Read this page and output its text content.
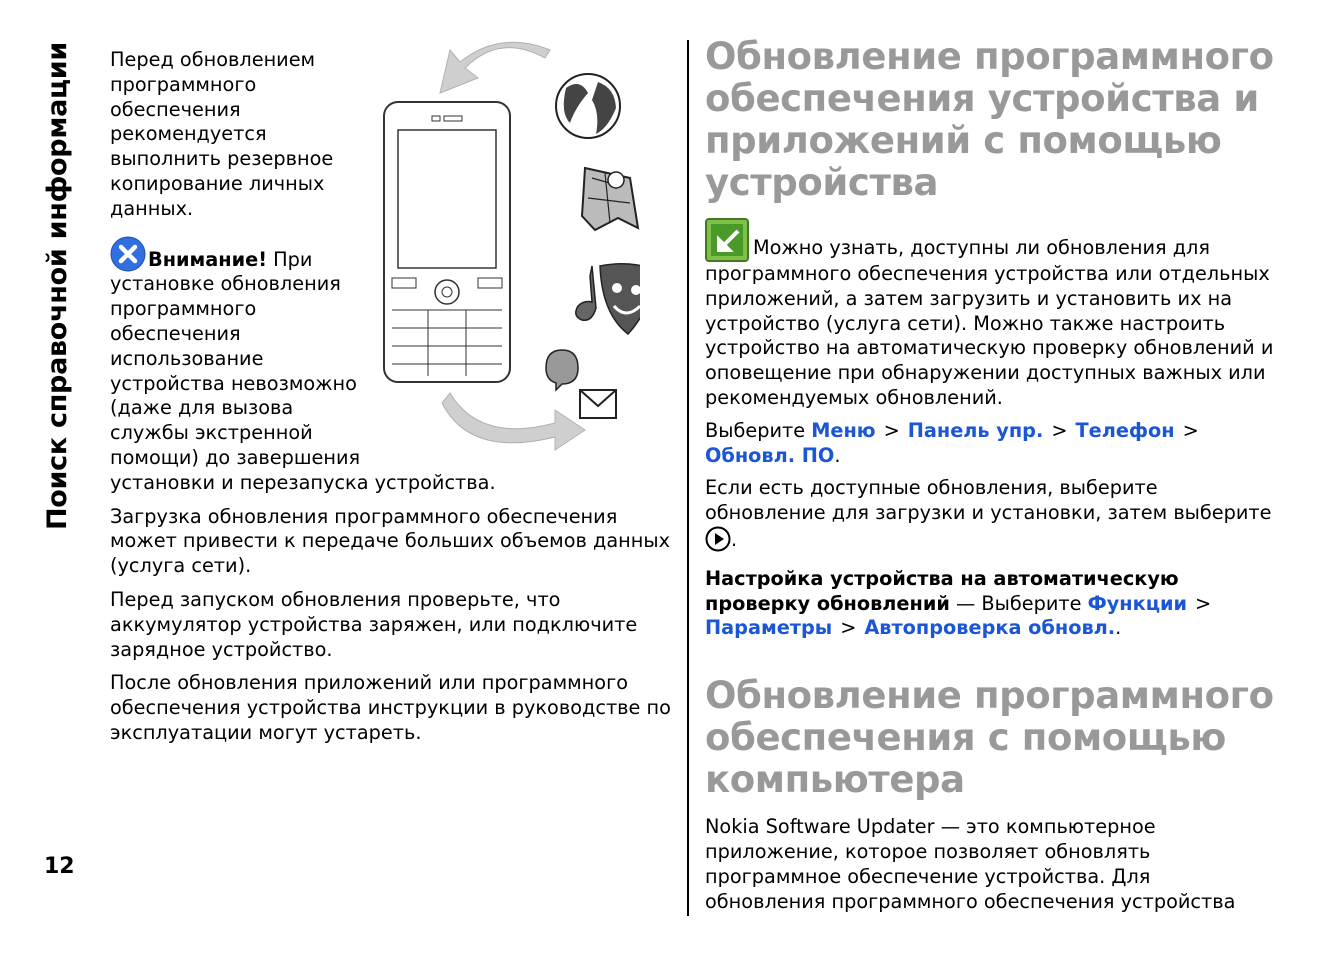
Поиск справочной информации
12

Перед обновлением программного обеспечения рекомендуется выполнить резервное копирование личных данных.

Внимание! При установке обновления программного обеспечения использование устройства невозможно (даже для вызова службы экстренной помощи) до завершения

установки и перезапуска устройства.

Загрузка обновления программного обеспечения может привести к передаче больших объемов данных (услуга сети).

Перед запуском обновления проверьте, что аккумулятор устройства заряжен, или подключите зарядное устройство.

После обновления приложений или программного обеспечения устройства инструкции в руководстве по эксплуатации могут устареть.

Обновление программного обеспечения устройства и приложений с помощью устройства

Можно узнать, доступны ли обновления для программного обеспечения устройства или отдельных приложений, а затем загрузить и установить их на устройство (услуга сети). Можно также настроить устройство на автоматическую проверку обновлений и оповещение при обнаружении доступных важных или рекомендуемых обновлений.

Выберите Меню > Панель упр. > Телефон >
Обновл. ПО.

Если есть доступные обновления, выберите обновление для загрузки и установки, затем выберите
.

Настройка устройства на автоматическую проверку обновлений — Выберите Функции >
Параметры > Автопроверка обновл..

Обновление программного обеспечения с помощью компьютера

Nokia Software Updater — это компьютерное приложение, которое позволяет обновлять программное обеспечение устройства. Для обновления программного обеспечения устройства
